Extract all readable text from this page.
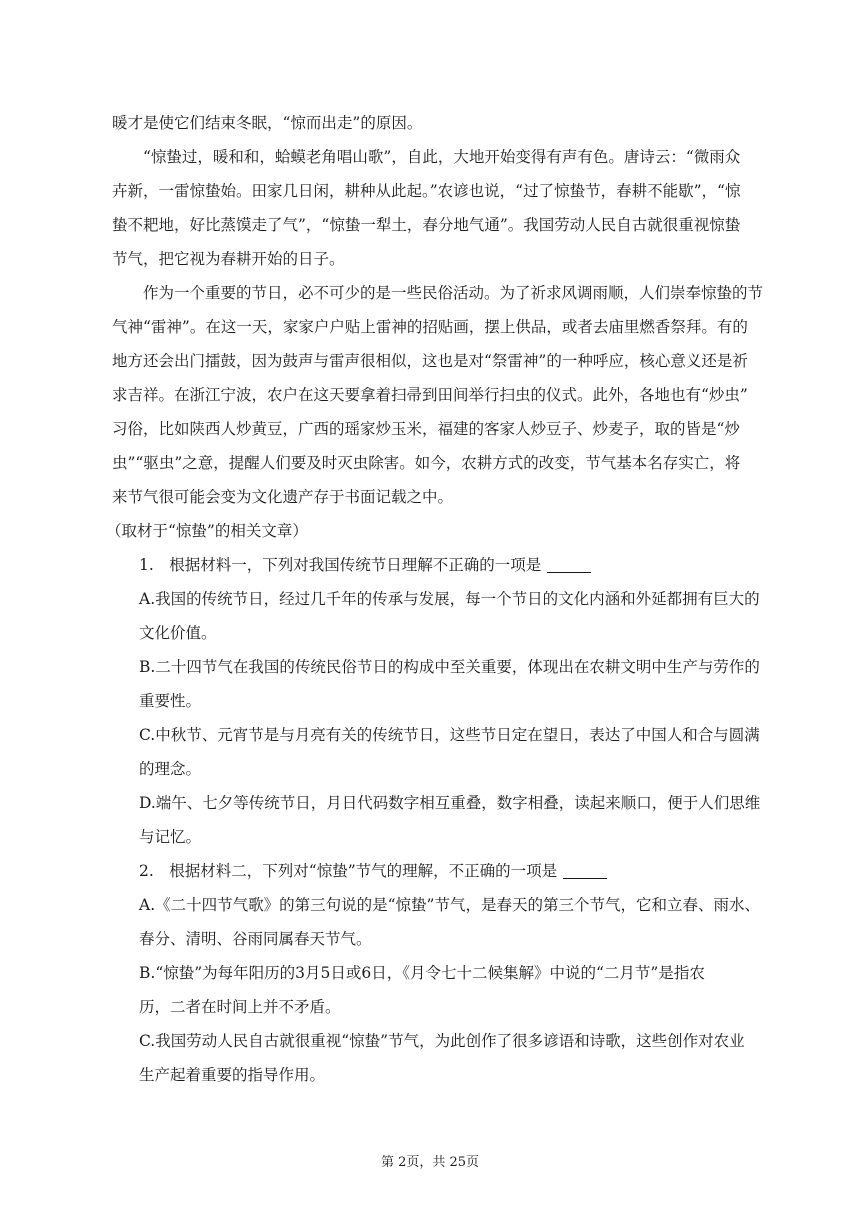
暖才是使它们结束冬眠，“惊而出走”的原因。
“惊蛰过，暖和和，蛤蟆老角唱山歌”，自此，大地开始变得有声有色。唐诗云：“微雨众
卉新，一雷惊蛰始。田家几日闲，耕种从此起。”农谚也说，“过了惊蛰节，春耕不能歇”，“惊
蛰不耙地，好比蒸馍走了气”，“惊蛰一犁土，春分地气通”。我国劳动人民自古就很重视惊蛰
节气，把它视为春耕开始的日子。
作为一个重要的节日，必不可少的是一些民俗活动。为了祈求风调雨顺，人们崇奉惊蛰的节
气神“雷神”。在这一天，家家户户贴上雷神的招贴画，摆上供品，或者去庙里燃香祭拜。有的
地方还会出门擂鼓，因为鼓声与雷声很相似，这也是对“祭雷神”的一种呼应，核心意义还是祈
求吉祥。在浙江宁波，农户在这天要拿着扫帚到田间举行扫虫的仪式。此外，各地也有“炒虫”
习俗，比如陕西人炒黄豆，广西的瑶家炒玉米，福建的客家人炒豆子、炒麦子，取的皆是“炒
虫”“驱虫”之意，提醒人们要及时灭虫除害。如今，农耕方式的改变，节气基本名存实亡，将
来节气很可能会变为文化遗产存于书面记载之中。
（取材于“惊蛰”的相关文章）
1.　根据材料一，下列对我国传统节日理解不正确的一项是
A.我国的传统节日，经过几千年的传承与发展，每一个节日的文化内涵和外延都拥有巨大的
文化价值。
B.二十四节气在我国的传统民俗节日的构成中至关重要，体现出在农耕文明中生产与劳作的
重要性。
C.中秋节、元宵节是与月亮有关的传统节日，这些节日定在望日，表达了中国人和合与圆满
的理念。
D.端午、七夕等传统节日，月日代码数字相互重叠，数字相叠，读起来顺口，便于人们思维
与记忆。
2.　根据材料二，下列对“惊蛰”节气的理解，不正确的一项是
A.《二十四节气歌》的第三句说的是“惊蛰”节气，是春天的第三个节气，它和立春、雨水、
春分、清明、谷雨同属春天节气。
B.“惊蛰”为每年阳历的3月5日或6日，《月令七十二候集解》中说的“二月节”是指农
历，二者在时间上并不矛盾。
C.我国劳动人民自古就很重视“惊蛰”节气，为此创作了很多谚语和诗歌，这些创作对农业
生产起着重要的指导作用。
第 2页，共 25页
